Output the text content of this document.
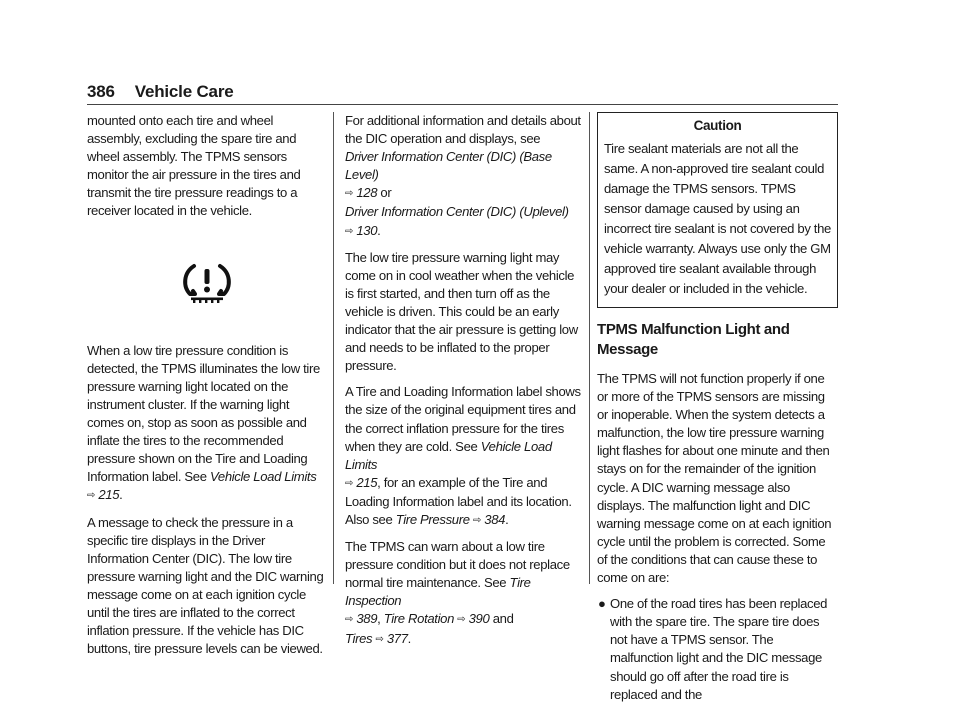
386 Vehicle Care

mounted onto each tire and wheel assembly, excluding the spare tire and wheel assembly. The TPMS sensors monitor the air pressure in the tires and transmit the tire pressure readings to a receiver located in the vehicle.

When a low tire pressure condition is detected, the TPMS illuminates the low tire pressure warning light located on the instrument cluster. If the warning light comes on, stop as soon as possible and inflate the tires to the recommended pressure shown on the Tire and Loading Information label. See Vehicle Load Limits
⇨ 215.

A message to check the pressure in a specific tire displays in the Driver Information Center (DIC). The low tire pressure warning light and the DIC warning message come on at each ignition cycle until the tires are inflated to the correct inflation pressure. If the vehicle has DIC buttons, tire pressure levels can be viewed.

For additional information and details about the DIC operation and displays, see
Driver Information Center (DIC) (Base Level)
⇨ 128 or
Driver Information Center (DIC) (Uplevel)
⇨ 130.

The low tire pressure warning light may come on in cool weather when the vehicle is first started, and then turn off as the vehicle is driven. This could be an early indicator that the air pressure is getting low and needs to be inflated to the proper pressure.

A Tire and Loading Information label shows the size of the original equipment tires and the correct inflation pressure for the tires when they are cold. See Vehicle Load Limits
⇨ 215, for an example of the Tire and Loading Information label and its location. Also see Tire Pressure ⇨ 384.

The TPMS can warn about a low tire pressure condition but it does not replace normal tire maintenance. See Tire Inspection
⇨ 389, Tire Rotation ⇨ 390 and
Tires ⇨ 377.

Caution
Tire sealant materials are not all the same. A non-approved tire sealant could damage the TPMS sensors. TPMS sensor damage caused by using an incorrect tire sealant is not covered by the vehicle warranty. Always use only the GM approved tire sealant available through your dealer or included in the vehicle.
TPMS Malfunction Light and Message

The TPMS will not function properly if one or more of the TPMS sensors are missing or inoperable. When the system detects a malfunction, the low tire pressure warning light flashes for about one minute and then stays on for the remainder of the ignition cycle. A DIC warning message also displays. The malfunction light and DIC warning message come on at each ignition cycle until the problem is corrected. Some of the conditions that can cause these to come on are:

● One of the road tires has been replaced with the spare tire. The spare tire does not have a TPMS sensor. The malfunction light and the DIC message should go off after the road tire is replaced and the
